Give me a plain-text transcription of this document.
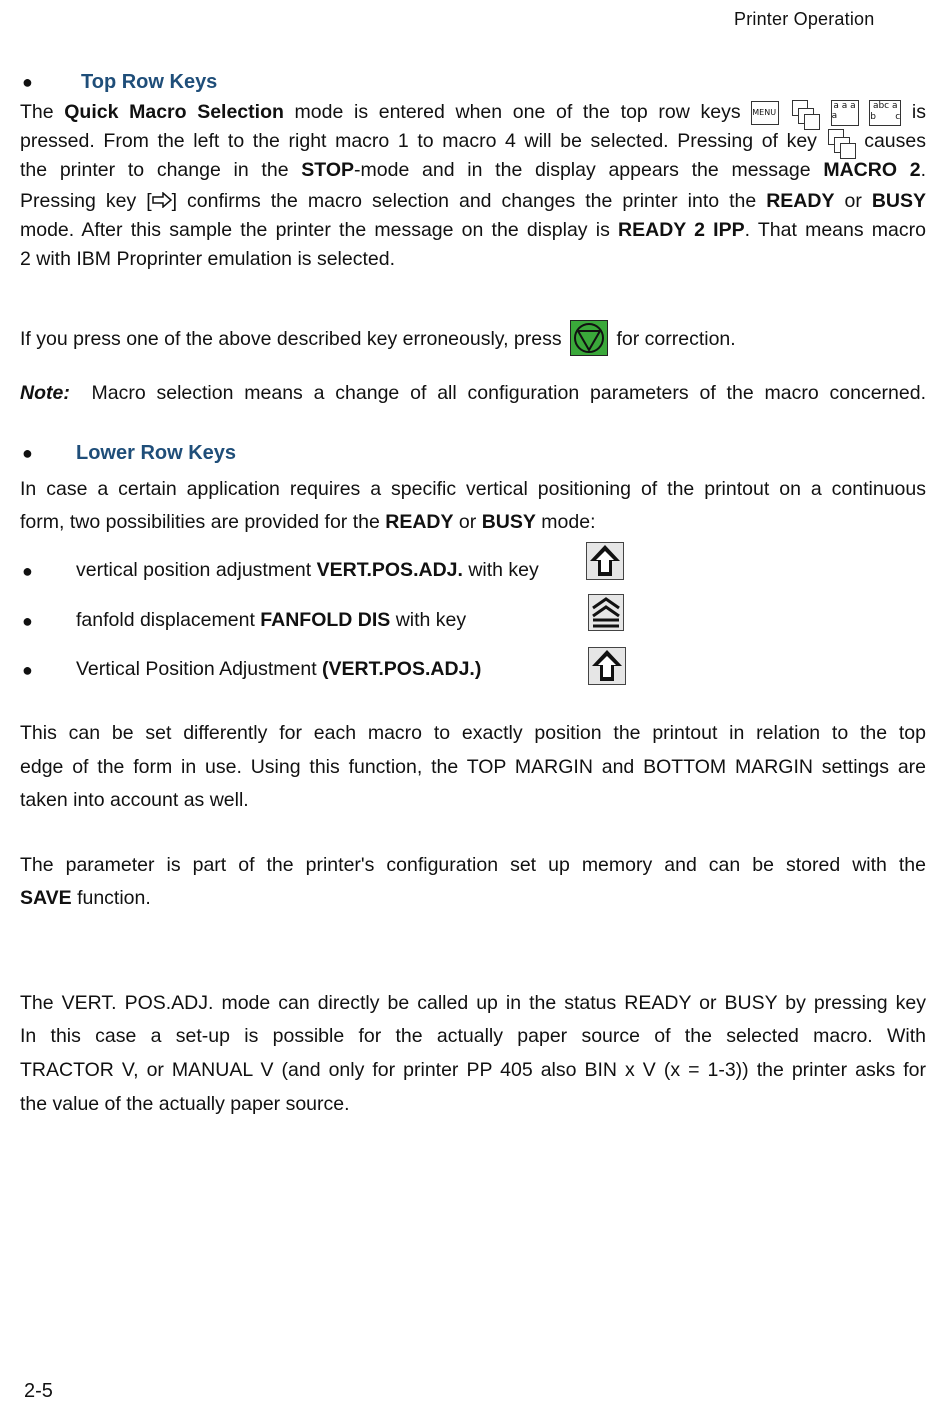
Printer Operation
● Top Row Keys
The Quick Macro Selection mode is entered when one of the top row keys MENU
a a a a abc a b c is
pressed. From the left to the right macro 1 to macro 4 will be selected. Pressing of key causes
the printer to change in the STOP-mode and in the display appears the message MACRO 2.
Pressing key [ ] confirms the macro selection and changes the printer into the READY or BUSY
mode. After this sample the printer the message on the display is READY 2 IPP. That means macro
2 with IBM Proprinter emulation is selected.
If you press one of the above described key erroneously, press	for correction.
Note: Macro selection means a change of all configuration parameters of the macro concerned.
● Lower Row Keys
In case a certain application requires a specific vertical positioning of the printout on a continuous
form, two possibilities are provided for the READY or BUSY mode:
● vertical position adjustment VERT.POS.ADJ. with key
● fanfold displacement FANFOLD DIS with key
● Vertical Position Adjustment (VERT.POS.ADJ.)
This can be set differently for each macro to exactly position the printout in relation to the top
edge of the form in use. Using this function, the TOP MARGIN and BOTTOM MARGIN settings are
taken into account as well.
The parameter is part of the printer's configuration set up memory and can be stored with the
SAVE function.
The VERT. POS.ADJ. mode can directly be called up in the status READY or BUSY by pressing key
In this case a set-up is possible for the actually paper source of the selected macro. With
TRACTOR V, or MANUAL V (and only for printer PP 405 also BIN x V (x = 1-3)) the printer asks for
the value of the actually paper source.
2-5
